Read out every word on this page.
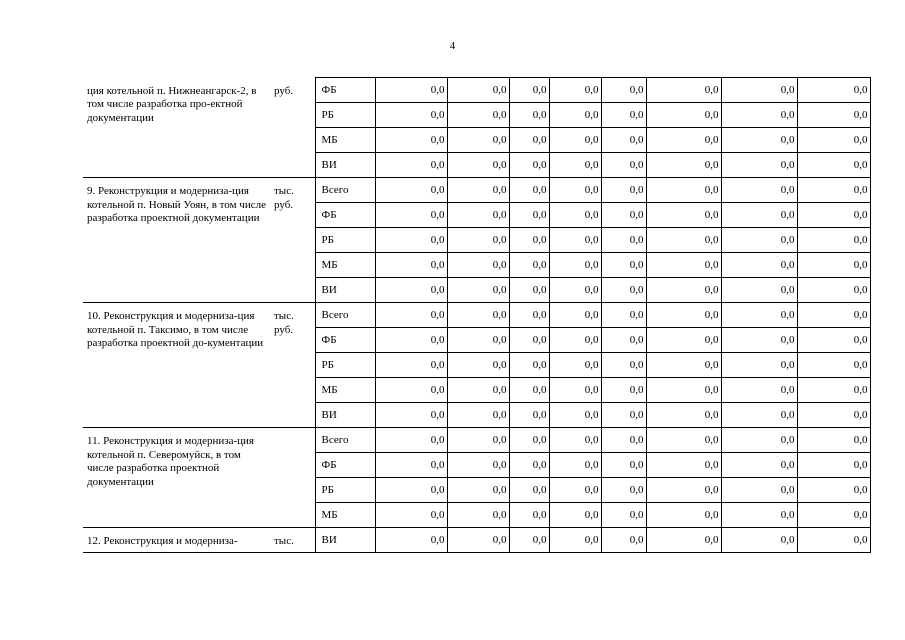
4
ция котельной п. Нижнеангарск-2, в том числе разработка про-ектной документации	руб.	ФБ	0,0	0,0	0,0	0,0	0,0	0,0	0,0	0,0
		РБ	0,0	0,0	0,0	0,0	0,0	0,0	0,0	0,0
		МБ	0,0	0,0	0,0	0,0	0,0	0,0	0,0	0,0
		ВИ	0,0	0,0	0,0	0,0	0,0	0,0	0,0	0,0
9. Реконструкция и модерниза-ция котельной п. Новый Уоян, в том числе разработка проектной документации	тыс. руб.	Всего	0,0	0,0	0,0	0,0	0,0	0,0	0,0	0,0
		ФБ	0,0	0,0	0,0	0,0	0,0	0,0	0,0	0,0
		РБ	0,0	0,0	0,0	0,0	0,0	0,0	0,0	0,0
		МБ	0,0	0,0	0,0	0,0	0,0	0,0	0,0	0,0
		ВИ	0,0	0,0	0,0	0,0	0,0	0,0	0,0	0,0
10. Реконструкция и модерниза-ция котельной п. Таксимо, в том числе разработка проектной до-кументации	тыс. руб.	Всего	0,0	0,0	0,0	0,0	0,0	0,0	0,0	0,0
		ФБ	0,0	0,0	0,0	0,0	0,0	0,0	0,0	0,0
		РБ	0,0	0,0	0,0	0,0	0,0	0,0	0,0	0,0
		МБ	0,0	0,0	0,0	0,0	0,0	0,0	0,0	0,0
		ВИ	0,0	0,0	0,0	0,0	0,0	0,0	0,0	0,0
11. Реконструкция и модерниза-ция котельной п. Северомуйск, в том числе разработка проектной документации		Всего	0,0	0,0	0,0	0,0	0,0	0,0	0,0	0,0
		ФБ	0,0	0,0	0,0	0,0	0,0	0,0	0,0	0,0
		РБ	0,0	0,0	0,0	0,0	0,0	0,0	0,0	0,0
		МБ	0,0	0,0	0,0	0,0	0,0	0,0	0,0	0,0
12. Реконструкция и модерниза-	тыс.	ВИ	0,0	0,0	0,0	0,0	0,0	0,0	0,0	0,0
